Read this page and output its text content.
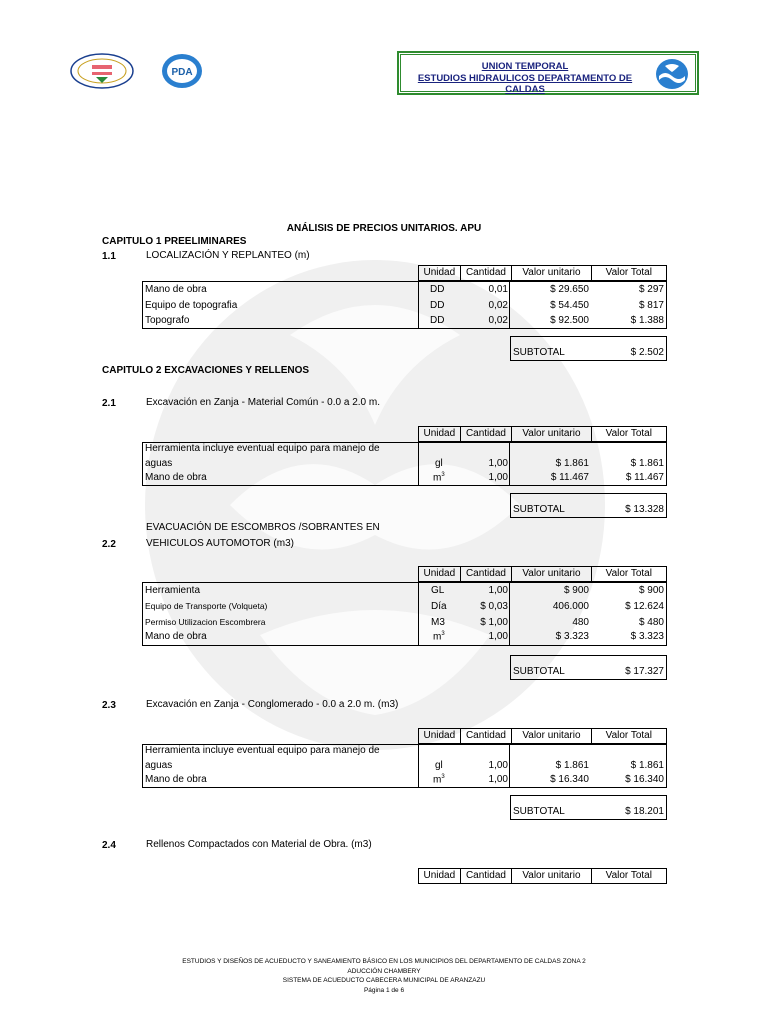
PDA
UNION TEMPORAL
ESTUDIOS HIDRAULICOS DEPARTAMENTO DE CALDAS
ANÁLISIS DE PRECIOS UNITARIOS. APU
CAPITULO 1 PREELIMINARES
1.1	LOCALIZACIÓN Y REPLANTEO (m)
Unidad	Cantidad	Valor unitario	Valor Total
Mano de obra	DD	0,01	$ 29.650	$ 297
Equipo de topografia	DD	0,02	$ 54.450	$ 817
Topografo	DD	0,02	$ 92.500	$ 1.388
SUBTOTAL	$ 2.502
CAPITULO 2 EXCAVACIONES Y RELLENOS
2.1	Excavación en Zanja - Material Común - 0.0 a 2.0 m.
Unidad	Cantidad	Valor unitario	Valor Total
Herramienta incluye eventual equipo para manejo de
aguas	gl	1,00	$ 1.861	$ 1.861
Mano de obra	$m^3$	1,00	$ 11.467	$ 11.467
SUBTOTAL	$ 13.328
EVACUACIÓN DE ESCOMBROS /SOBRANTES EN
2.2	VEHICULOS AUTOMOTOR (m3)
Unidad	Cantidad	Valor unitario	Valor Total
Herramienta	GL	1,00	$ 900	$ 900
Equipo de Transporte (Volqueta)	Día	$ 0,03	406.000	$ 12.624
Permiso Utilizacion Escombrera	M3	$ 1,00	480	$ 480
Mano de obra	$m^3$	1,00	$ 3.323	$ 3.323
SUBTOTAL	$ 17.327
2.3	Excavación en Zanja - Conglomerado - 0.0 a 2.0 m. (m3)
Unidad	Cantidad	Valor unitario	Valor Total
Herramienta incluye eventual equipo para manejo de
aguas	gl	1,00	$ 1.861	$ 1.861
Mano de obra	$m^3$	1,00	$ 16.340	$ 16.340
SUBTOTAL	$ 18.201
2.4	Rellenos Compactados con Material de Obra. (m3)
Unidad	Cantidad	Valor unitario	Valor Total
ESTUDIOS Y DISEÑOS DE ACUEDUCTO Y SANEAMIENTO BÁSICO EN LOS MUNICIPIOS DEL DEPARTAMENTO DE CALDAS ZONA 2
ADUCCIÓN CHAMBERY
SISTEMA DE ACUEDUCTO CABECERA MUNICIPAL DE ARANZAZU
Página 1 de 6
